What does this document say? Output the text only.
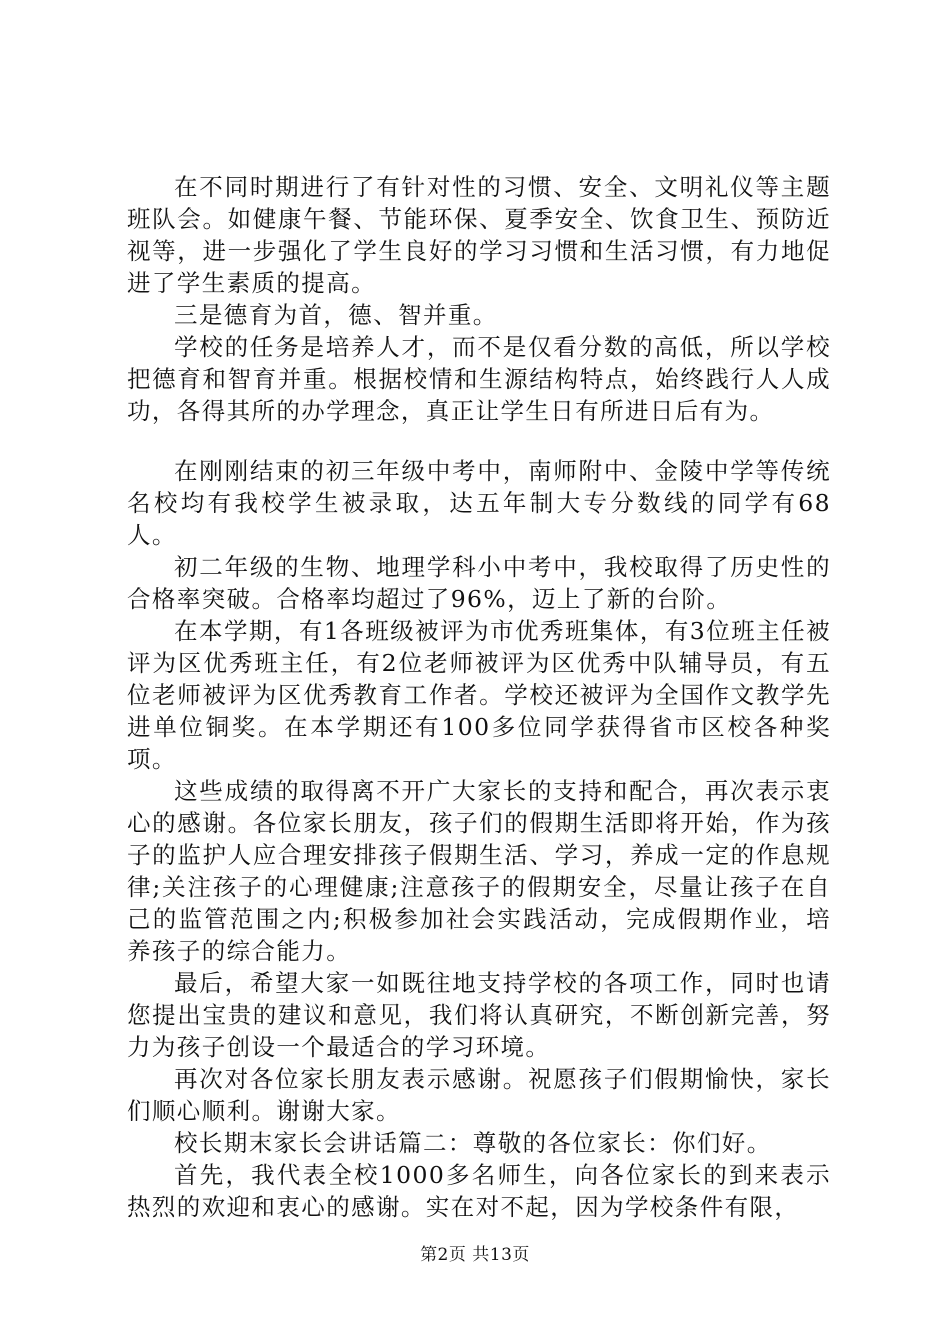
在不同时期进行了有针对性的习惯、安全、文明礼仪等主题班队会。如健康午餐、节能环保、夏季安全、饮食卫生、预防近视等，进一步强化了学生良好的学习习惯和生活习惯，有力地促进了学生素质的提高。

三是德育为首，德、智并重。

学校的任务是培养人才，而不是仅看分数的高低，所以学校把德育和智育并重。根据校情和生源结构特点，始终践行人人成功，各得其所的办学理念，真正让学生日有所进日后有为。

在刚刚结束的初三年级中考中，南师附中、金陵中学等传统名校均有我校学生被录取，达五年制大专分数线的同学有68人。

初二年级的生物、地理学科小中考中，我校取得了历史性的合格率突破。合格率均超过了96%，迈上了新的台阶。

在本学期，有1各班级被评为市优秀班集体，有3位班主任被评为区优秀班主任，有2位老师被评为区优秀中队辅导员，有五位老师被评为区优秀教育工作者。学校还被评为全国作文教学先进单位铜奖。在本学期还有100多位同学获得省市区校各种奖项。

这些成绩的取得离不开广大家长的支持和配合，再次表示衷心的感谢。各位家长朋友，孩子们的假期生活即将开始，作为孩子的监护人应合理安排孩子假期生活、学习，养成一定的作息规律;关注孩子的心理健康;注意孩子的假期安全，尽量让孩子在自己的监管范围之内;积极参加社会实践活动，完成假期作业，培养孩子的综合能力。

最后，希望大家一如既往地支持学校的各项工作，同时也请您提出宝贵的建议和意见，我们将认真研究，不断创新完善，努力为孩子创设一个最适合的学习环境。

再次对各位家长朋友表示感谢。祝愿孩子们假期愉快，家长们顺心顺利。谢谢大家。

校长期末家长会讲话篇二：尊敬的各位家长：你们好。

首先，我代表全校1000多名师生，向各位家长的到来表示热烈的欢迎和衷心的感谢。实在对不起，因为学校条件有限，

第2页 共13页
